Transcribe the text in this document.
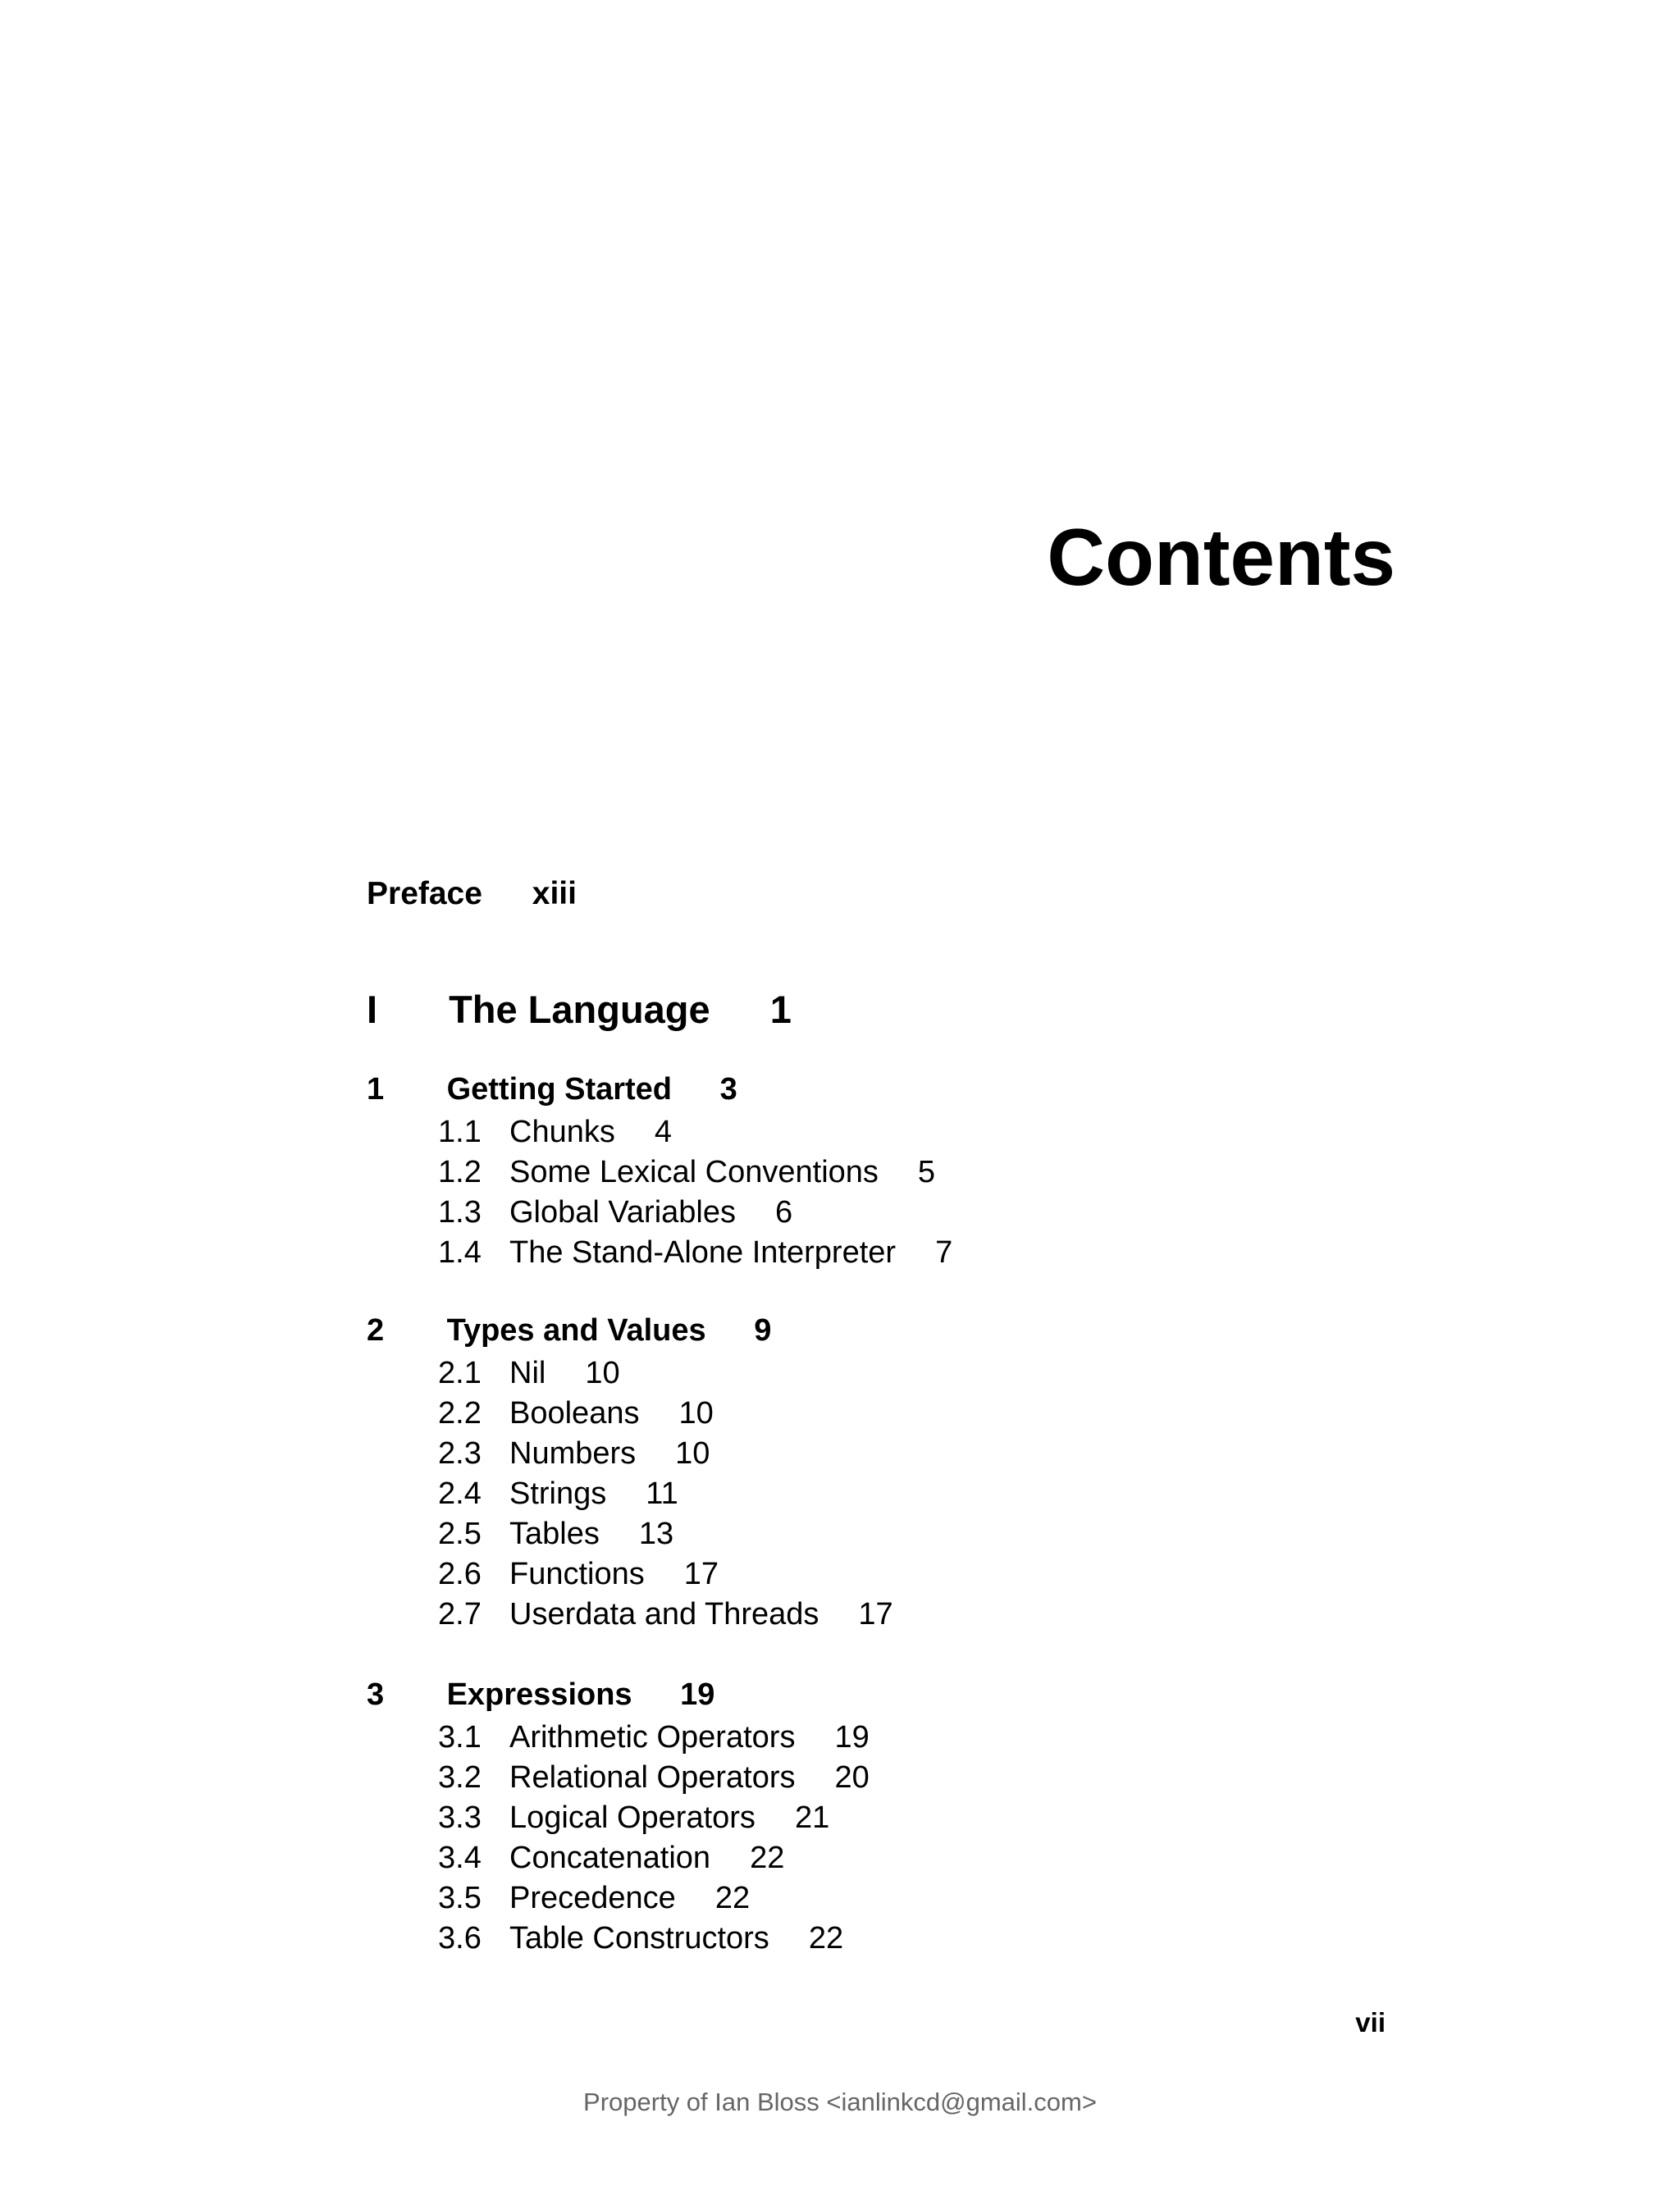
Contents
Preface xiii
I The Language 1
1 Getting Started 3
1.1 Chunks 4
1.2 Some Lexical Conventions 5
1.3 Global Variables 6
1.4 The Stand-Alone Interpreter 7
2 Types and Values 9
2.1 Nil 10
2.2 Booleans 10
2.3 Numbers 10
2.4 Strings 11
2.5 Tables 13
2.6 Functions 17
2.7 Userdata and Threads 17
3 Expressions 19
3.1 Arithmetic Operators 19
3.2 Relational Operators 20
3.3 Logical Operators 21
3.4 Concatenation 22
3.5 Precedence 22
3.6 Table Constructors 22
vii
Property of Ian Bloss <ianlinkcd@gmail.com>
